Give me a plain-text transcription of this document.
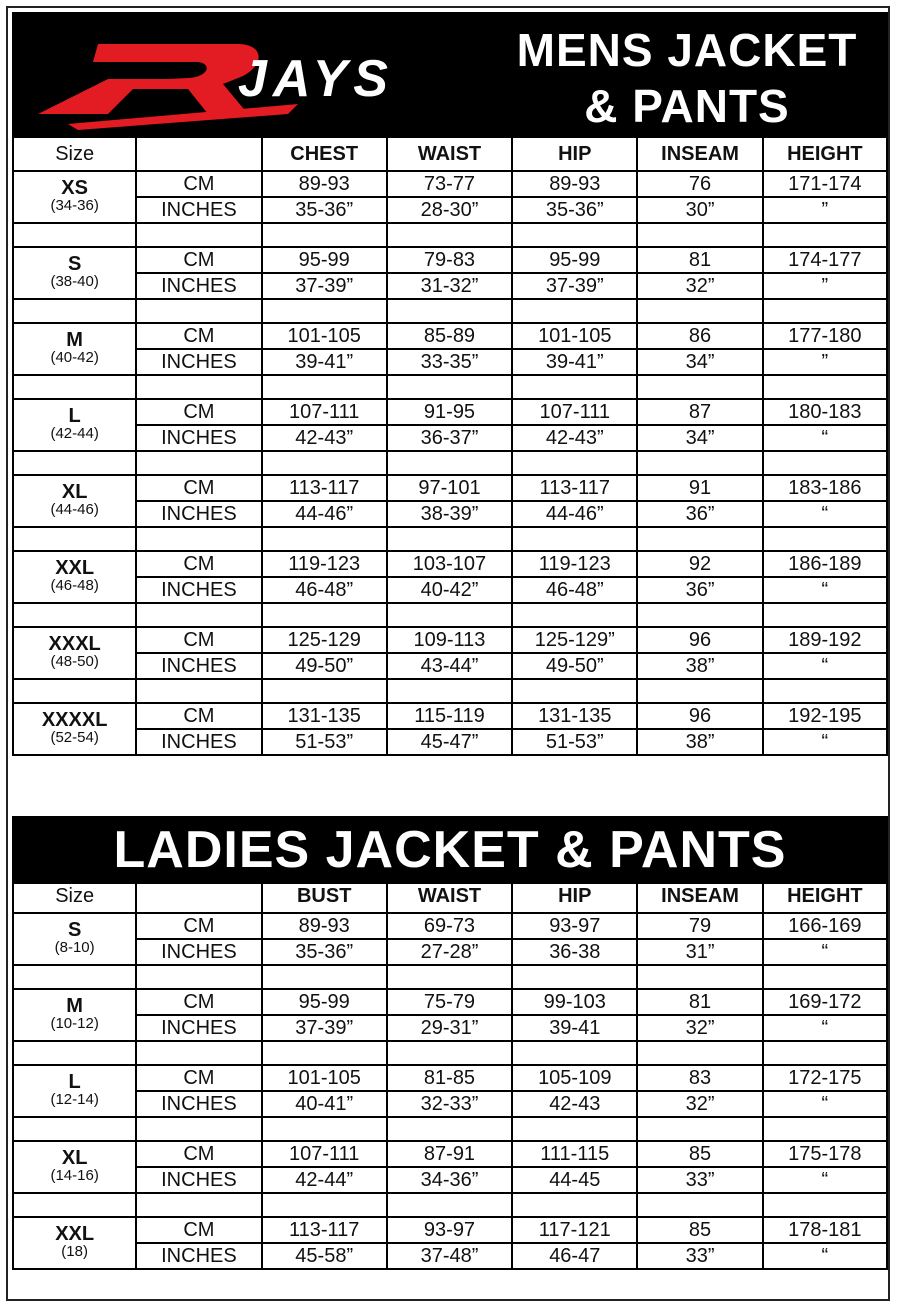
JAYS	MENS JACKET
& PANTS
Size		CHEST	WAIST	HIP	INSEAM	HEIGHT

XS
(34-36)	CM	89-93	73-77	89-93	76	171-174
	INCHES	35-36”	28-30”	35-36”	30”	”

S
(38-40)	CM	95-99	79-83	95-99	81	174-177
	INCHES	37-39”	31-32”	37-39”	32”	”

M
(40-42)	CM	101-105	85-89	101-105	86	177-180
	INCHES	39-41”	33-35”	39-41”	34”	”

L
(42-44)	CM	107-111	91-95	107-111	87	180-183
	INCHES	42-43”	36-37”	42-43”	34”	“

XL
(44-46)	CM	113-117	97-101	113-117	91	183-186
	INCHES	44-46”	38-39”	44-46”	36”	“

XXL
(46-48)	CM	119-123	103-107	119-123	92	186-189
	INCHES	46-48”	40-42”	46-48”	36”	“

XXXL
(48-50)	CM	125-129	109-113	125-129”	96	189-192
	INCHES	49-50”	43-44”	49-50”	38”	“

XXXXL
(52-54)	CM	131-135	115-119	131-135	96	192-195
	INCHES	51-53”	45-47”	51-53”	38”	“
LADIES JACKET & PANTS
Size		BUST	WAIST	HIP	INSEAM	HEIGHT

S
(8-10)	CM	89-93	69-73	93-97	79	166-169
	INCHES	35-36”	27-28”	36-38	31”	“

M
(10-12)	CM	95-99	75-79	99-103	81	169-172
	INCHES	37-39”	29-31”	39-41	32”	“

L
(12-14)	CM	101-105	81-85	105-109	83	172-175
	INCHES	40-41”	32-33”	42-43	32”	“

XL
(14-16)	CM	107-111	87-91	111-115	85	175-178
	INCHES	42-44”	34-36”	44-45	33”	“

XXL
(18)	CM	113-117	93-97	117-121	85	178-181
	INCHES	45-58”	37-48”	46-47	33”	“
